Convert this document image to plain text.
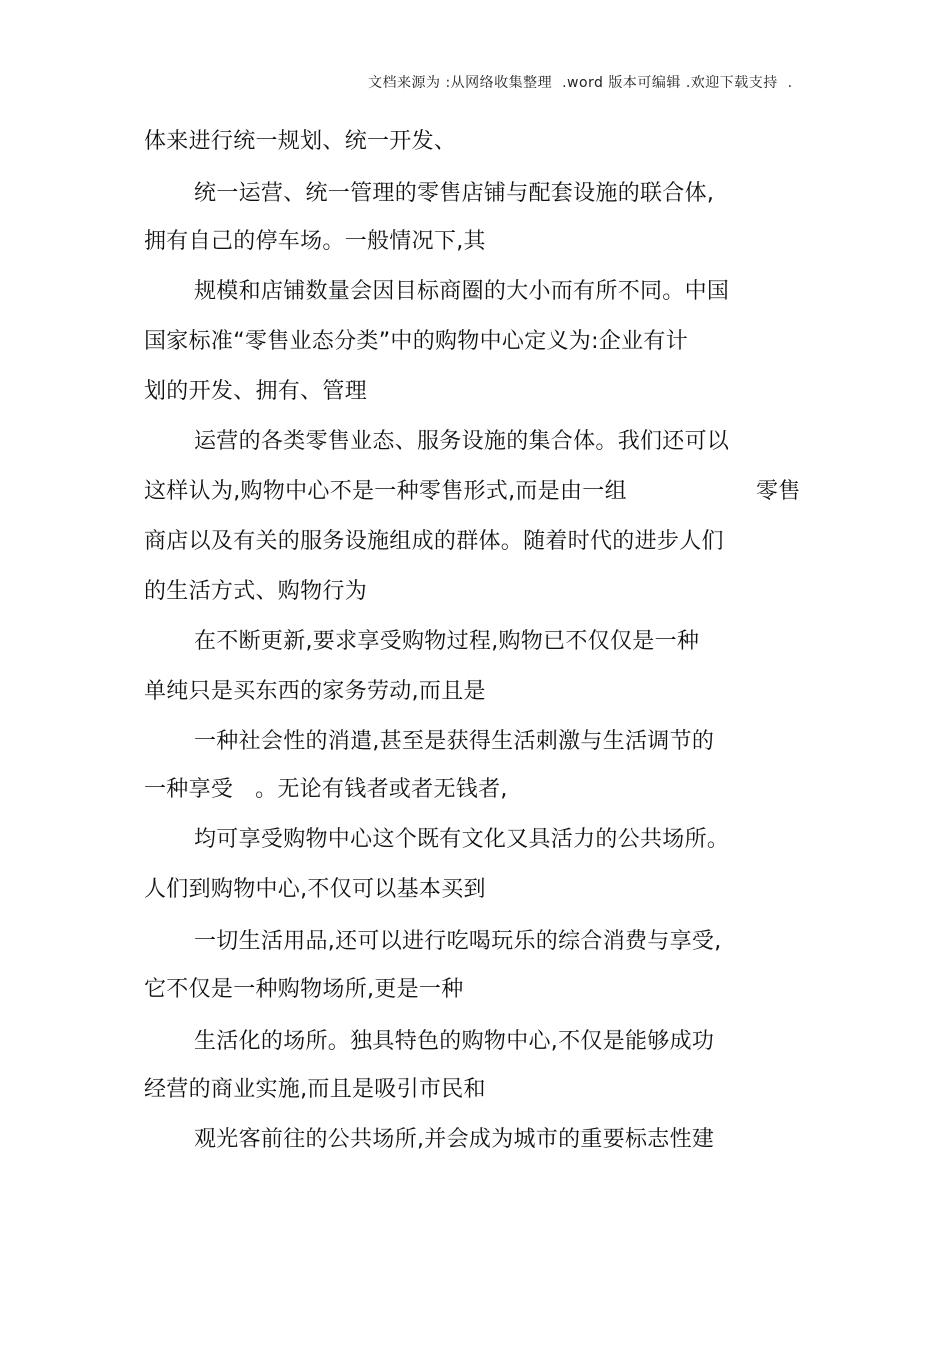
文档来源为 :从网络收集整理  .word 版本可编辑 .欢迎下载支持  .
体来进行统一规划、统一开发、
统一运营、统一管理的零售店铺与配套设施的联合体,
拥有自己的停车场。一般情况下,其
规模和店铺数量会因目标商圈的大小而有所不同。中国
国家标准“零售业态分类”中的购物中心定义为:企业有计
划的开发、拥有、管理
运营的各类零售业态、服务设施的集合体。我们还可以
这样认为,购物中心不是一种零售形式,而是由一组	零售
商店以及有关的服务设施组成的群体。随着时代的进步人们
的生活方式、购物行为
在不断更新,要求享受购物过程,购物已不仅仅是一种
单纯只是买东西的家务劳动,而且是
一种社会性的消遣,甚至是获得生活刺激与生活调节的
一种享受   。无论有钱者或者无钱者,
均可享受购物中心这个既有文化又具活力的公共场所。
人们到购物中心,不仅可以基本买到
一切生活用品,还可以进行吃喝玩乐的综合消费与享受,
它不仅是一种购物场所,更是一种
生活化的场所。独具特色的购物中心,不仅是能够成功
经营的商业实施,而且是吸引市民和
观光客前往的公共场所,并会成为城市的重要标志性建
